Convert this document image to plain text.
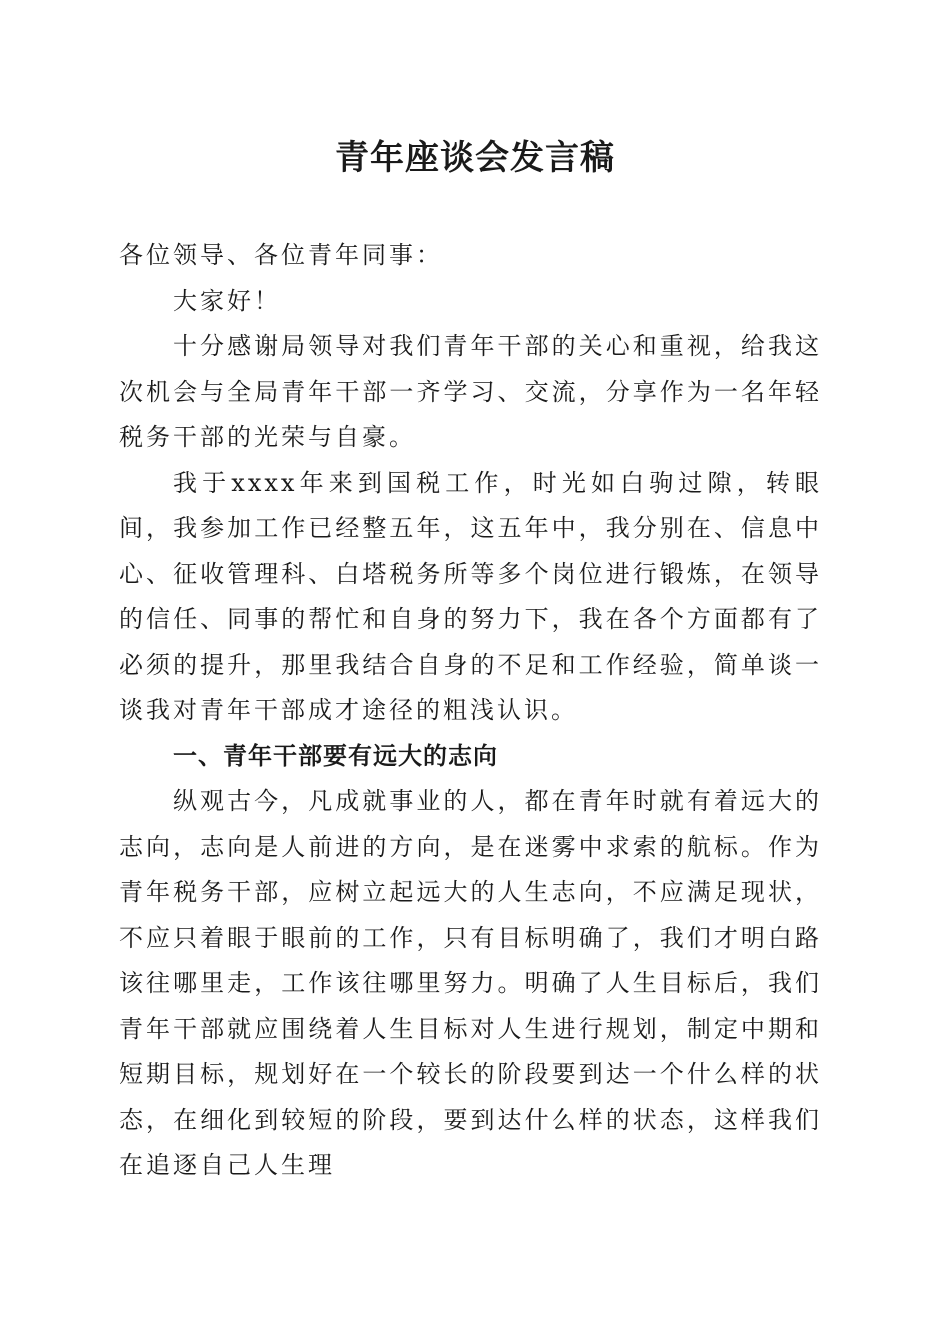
青年座谈会发言稿

各位领导、各位青年同事：

大家好！

十分感谢局领导对我们青年干部的关心和重视，给我这次机会与全局青年干部一齐学习、交流，分享作为一名年轻税务干部的光荣与自豪。

我于xxxx年来到国税工作，时光如白驹过隙，转眼间，我参加工作已经整五年，这五年中，我分别在、信息中心、征收管理科、白塔税务所等多个岗位进行锻炼，在领导的信任、同事的帮忙和自身的努力下，我在各个方面都有了必须的提升，那里我结合自身的不足和工作经验，简单谈一谈我对青年干部成才途径的粗浅认识。

一、青年干部要有远大的志向

纵观古今，凡成就事业的人，都在青年时就有着远大的志向，志向是人前进的方向，是在迷雾中求索的航标。作为青年税务干部，应树立起远大的人生志向，不应满足现状，不应只着眼于眼前的工作，只有目标明确了，我们才明白路该往哪里走，工作该往哪里努力。明确了人生目标后，我们青年干部就应围绕着人生目标对人生进行规划，制定中期和短期目标，规划好在一个较长的阶段要到达一个什么样的状态，在细化到较短的阶段，要到达什么样的状态，这样我们在追逐自己人生理
